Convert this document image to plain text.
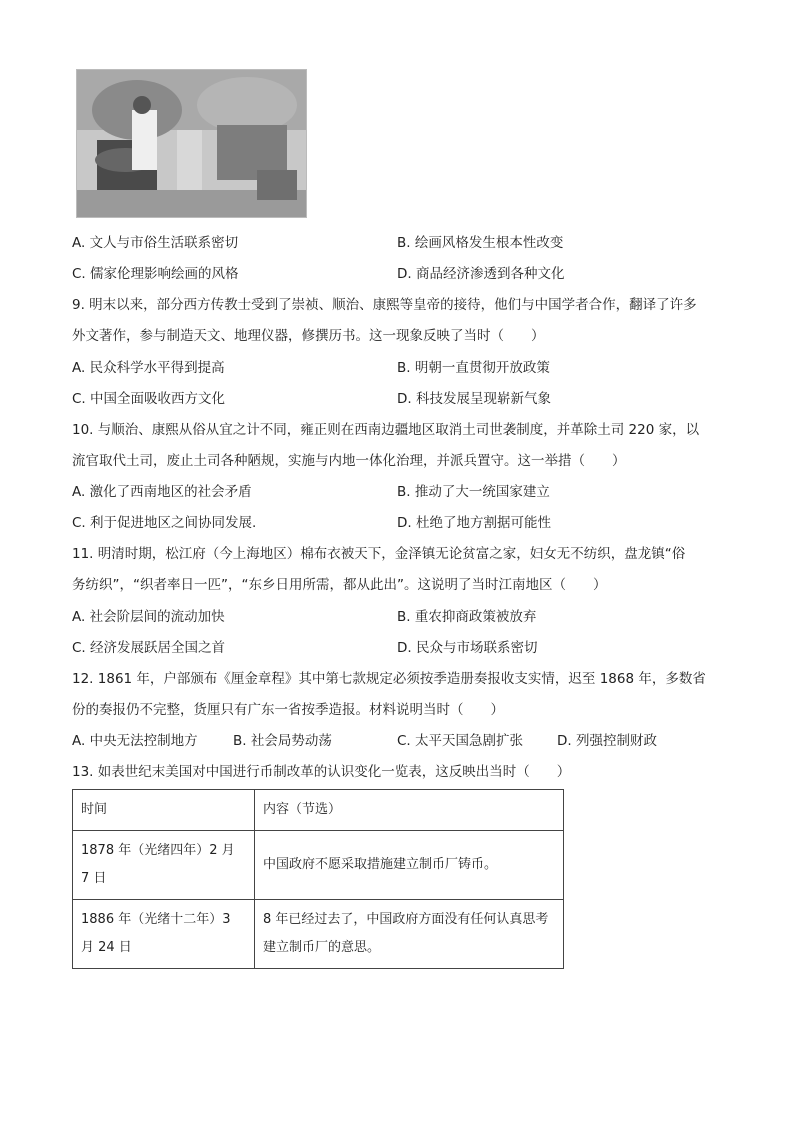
A. 文人与市俗生活联系密切	B. 绘画风格发生根本性改变
C. 儒家伦理影响绘画的风格	D. 商品经济渗透到各种文化
9. 明末以来，部分西方传教士受到了崇祯、顺治、康熙等皇帝的接待，他们与中国学者合作，翻译了许多
外文著作，参与制造天文、地理仪器，修撰历书。这一现象反映了当时（　　）
A. 民众科学水平得到提高	B. 明朝一直贯彻开放政策
C. 中国全面吸收西方文化	D. 科技发展呈现崭新气象
10. 与顺治、康熙从俗从宜之计不同，雍正则在西南边疆地区取消土司世袭制度，并革除土司 220 家，以
流官取代土司，废止土司各种陋规，实施与内地一体化治理，并派兵置守。这一举措（　　）
A. 激化了西南地区的社会矛盾	B. 推动了大一统国家建立
C. 利于促进地区之间协同发展.	D. 杜绝了地方割据可能性
11. 明清时期，松江府（今上海地区）棉布衣被天下，金泽镇无论贫富之家，妇女无不纺织，盘龙镇“俗
务纺织”，“织者率日一匹”，“东乡日用所需，都从此出”。这说明了当时江南地区（　　）
A. 社会阶层间的流动加快	B. 重农抑商政策被放弃
C. 经济发展跃居全国之首	D. 民众与市场联系密切
12. 1861 年，户部颁布《厘金章程》其中第七款规定必须按季造册奏报收支实情，迟至 1868 年，多数省
份的奏报仍不完整，货厘只有广东一省按季造报。材料说明当时（　　）
A. 中央无法控制地方	B. 社会局势动荡	C. 太平天国急剧扩张	D. 列强控制财政
13. 如表世纪末美国对中国进行币制改革的认识变化一览表，这反映出当时（　　）
时间	内容（节选）
1878 年（光绪四年）2 月 7 日	中国政府不愿采取措施建立制币厂铸币。
1886 年（光绪十二年）3 月 24 日	8 年已经过去了，中国政府方面没有任何认真思考建立制币厂的意思。
